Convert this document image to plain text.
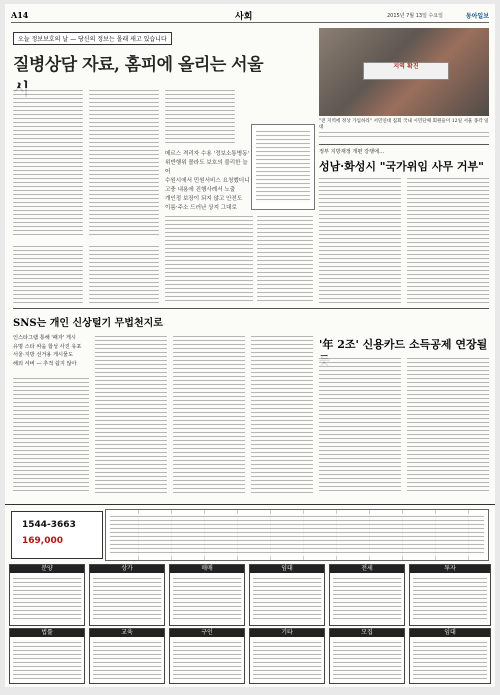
A14	사회	2015년 7월 13일 수요일	동아일보
오늘 정보보호의 날 — 당신의 정보는 몰래 새고 있습니다
질병상담 자료, 홈피에 올리는 서울
메르스 격리자 수용 '정보소통병동'
위반행위 몰라도 보호의 불리한 늘어
수원시에서 민원서비스 요청했더니
고충 내용에 진행사례서 노출
개인정 보장이 되지 않고 안전도
이름·주소 드러난 상지 그대로
지역 확진
"전 지역에 정상 가입하라" 서민연대 집회 국내 시민단체 회원들이 12일 서울 종각 일대
정부 지방재정 개편 강행에…
성남·화성시 "국가위임 사무 거부"
SNS는 개인 신상털기 무법천지로
인스타그램 통해 '패자' 게시
유명 스타 싸움 합성 사진 유포
서울·지방 선거용 게시물도
해외 서버 — 추적 쉽지 않아
'年 2조' 신용카드 소득공제 연장될
1544-3663
169,000
분양	상가	매매	임대	전세	투자
법률	교육	구인	기타	모집	임대
